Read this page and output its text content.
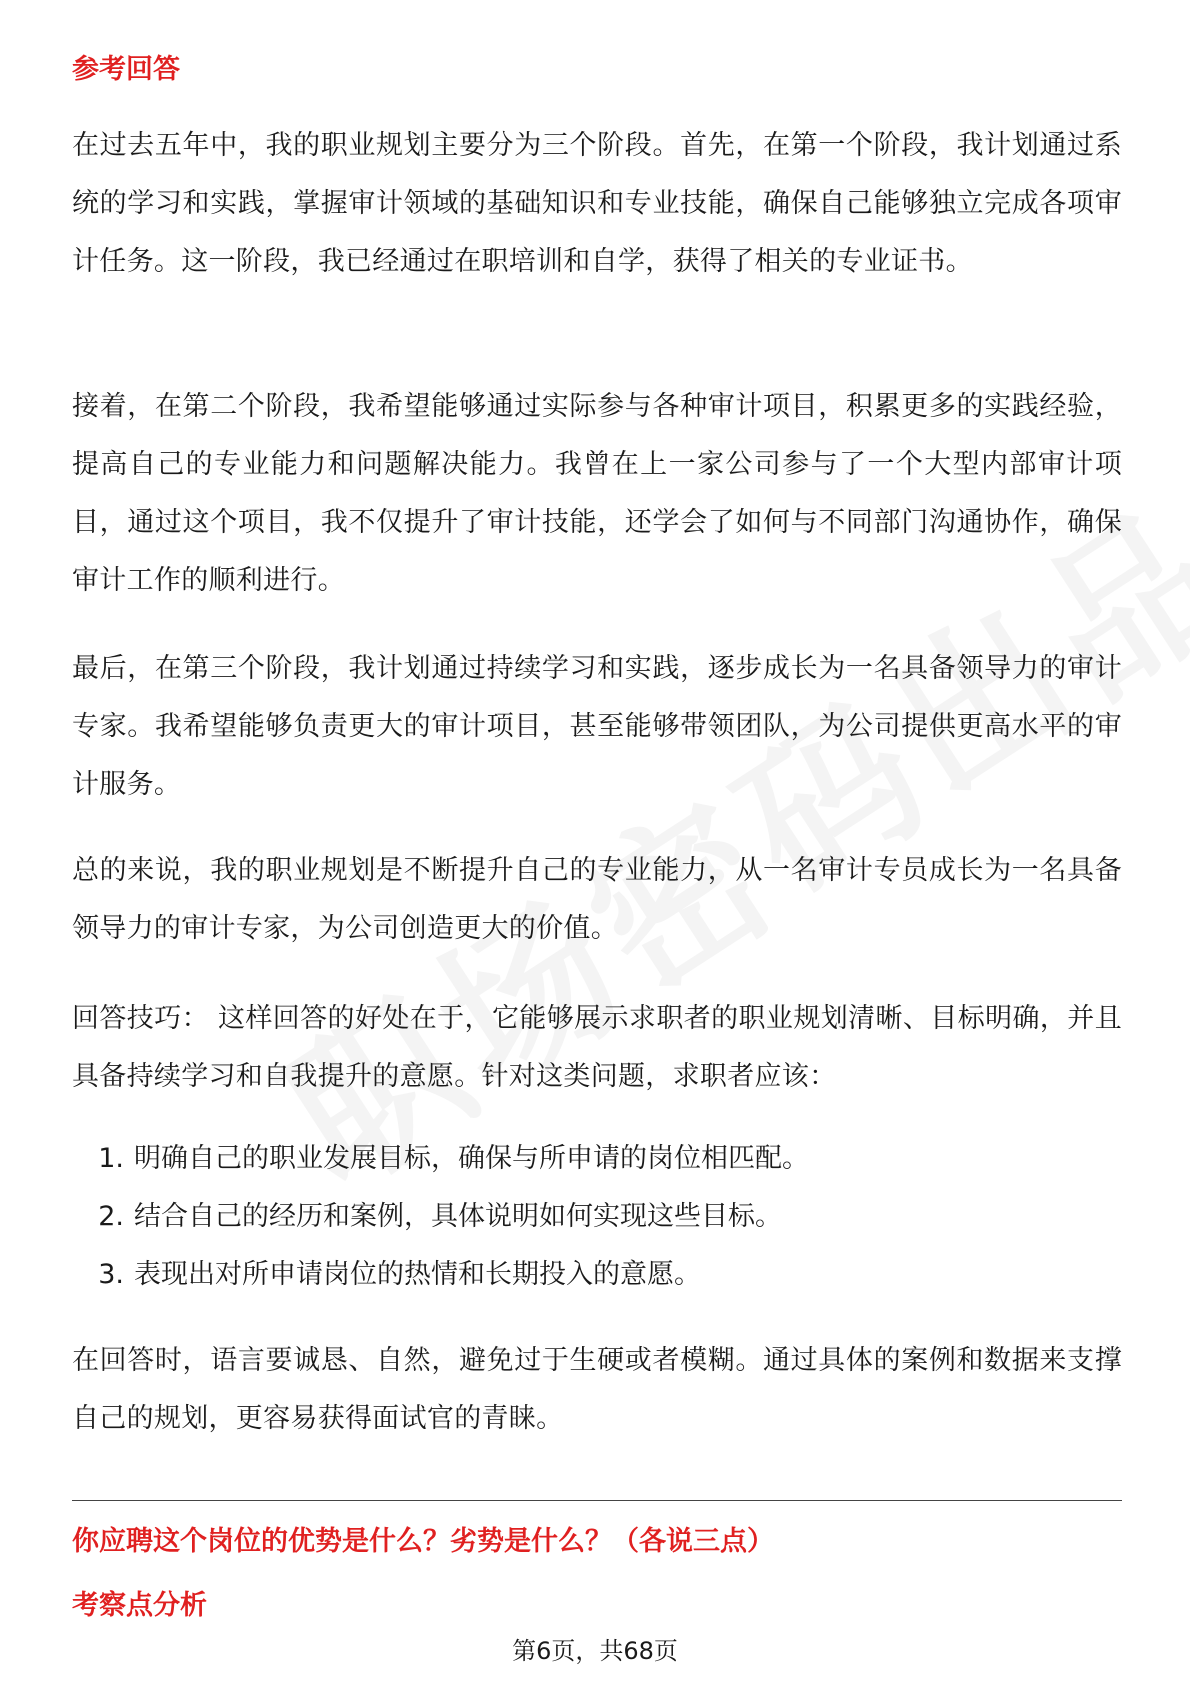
参考回答

在过去五年中，我的职业规划主要分为三个阶段。首先，在第一个阶段，我计划通过系统的学习和实践，掌握审计领域的基础知识和专业技能，确保自己能够独立完成各项审计任务。这一阶段，我已经通过在职培训和自学，获得了相关的专业证书。

接着，在第二个阶段，我希望能够通过实际参与各种审计项目，积累更多的实践经验，提高自己的专业能力和问题解决能力。我曾在上一家公司参与了一个大型内部审计项目，通过这个项目，我不仅提升了审计技能，还学会了如何与不同部门沟通协作，确保审计工作的顺利进行。

最后，在第三个阶段，我计划通过持续学习和实践，逐步成长为一名具备领导力的审计专家。我希望能够负责更大的审计项目，甚至能够带领团队，为公司提供更高水平的审计服务。

总的来说，我的职业规划是不断提升自己的专业能力，从一名审计专员成长为一名具备领导力的审计专家，为公司创造更大的价值。

回答技巧： 这样回答的好处在于，它能够展示求职者的职业规划清晰、目标明确，并且具备持续学习和自我提升的意愿。针对这类问题，求职者应该：

1. 明确自己的职业发展目标，确保与所申请的岗位相匹配。
2. 结合自己的经历和案例，具体说明如何实现这些目标。
3. 表现出对所申请岗位的热情和长期投入的意愿。

在回答时，语言要诚恳、自然，避免过于生硬或者模糊。通过具体的案例和数据来支撑自己的规划，更容易获得面试官的青睐。

你应聘这个岗位的优势是什么？劣势是什么？（各说三点）
考察点分析
第6页，共68页
